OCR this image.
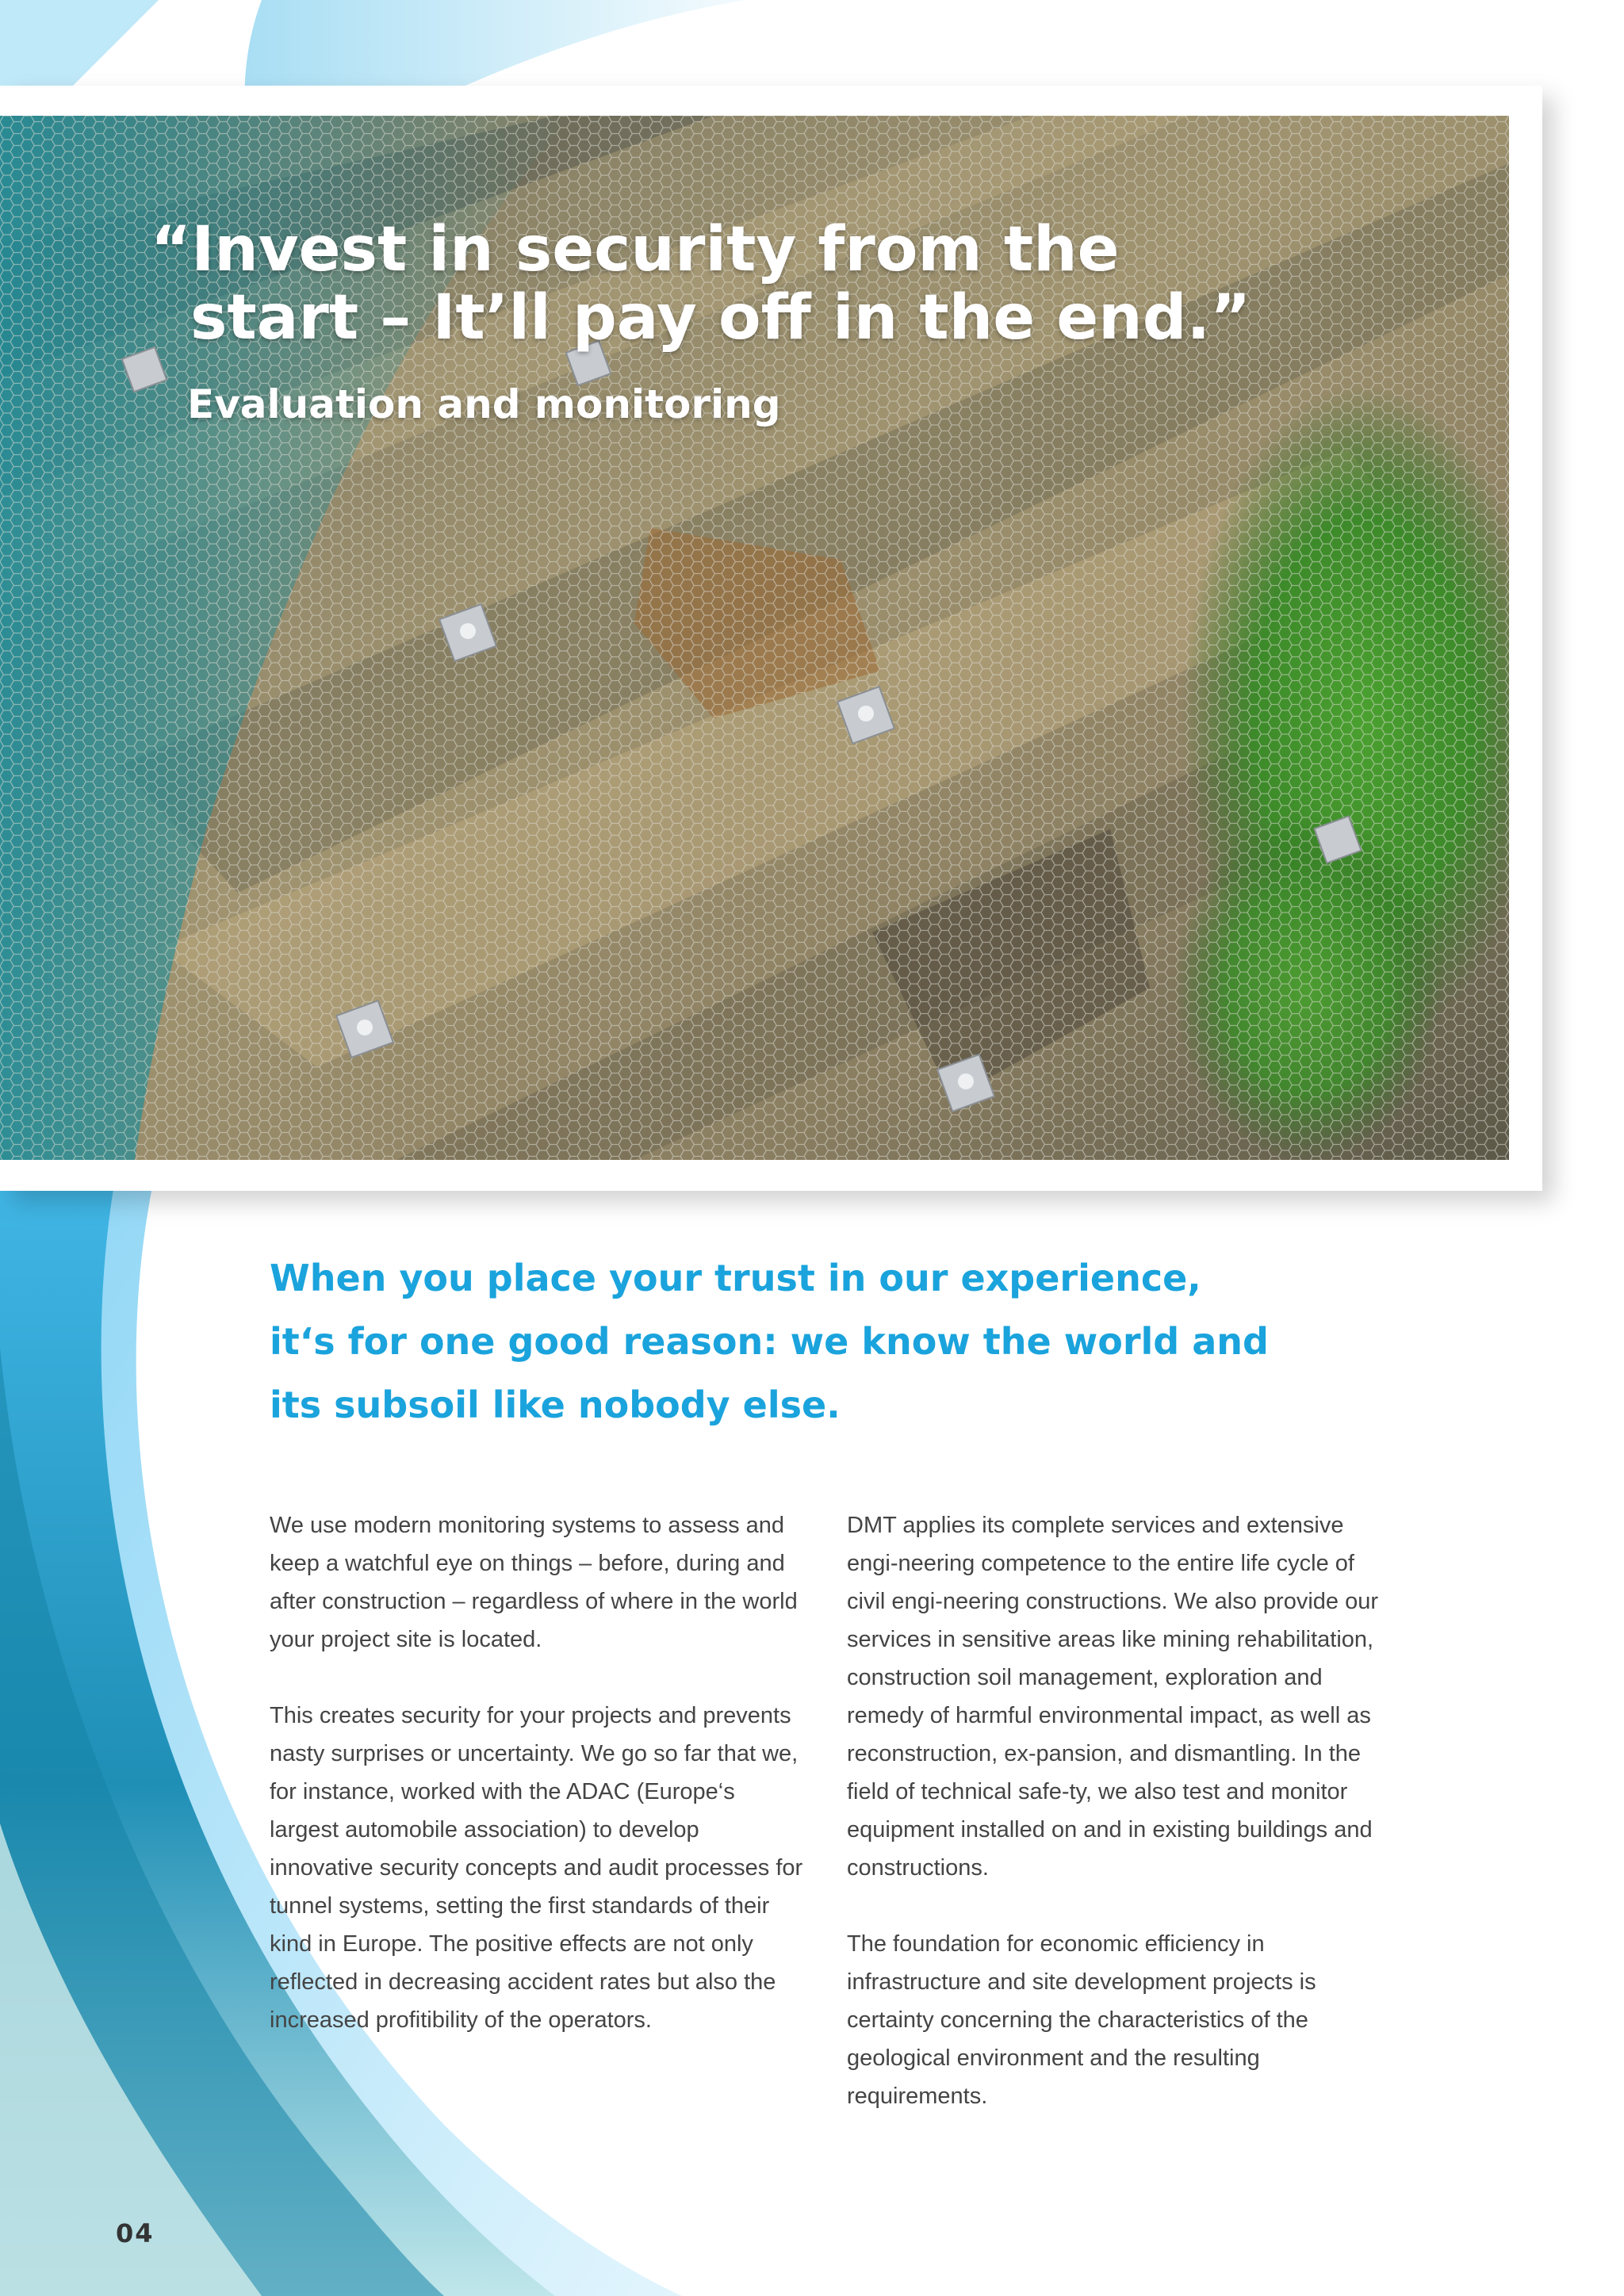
“Invest in security from the
start – It’ll pay off in the end.”
Evaluation and monitoring
When you place your trust in our experience,
it‘s for one good reason: we know the world and
its subsoil like nobody else.

We use modern monitoring systems to assess and keep a watchful eye on things – before, during and after construction – regardless of where in the world your project site is located.

This creates security for your projects and prevents nasty surprises or uncertainty. We go so far that we, for instance, worked with the ADAC (Europe‘s largest automobile association) to develop innovative security concepts and audit processes for tunnel systems, setting the first standards of their kind in Europe. The positive effects are not only reflected in decreasing accident rates but also the increased profitibility of the operators.

DMT applies its complete services and extensive engi-neering competence to the entire life cycle of civil engi-neering constructions. We also provide our services in sensitive areas like mining rehabilitation, construction soil management, exploration and remedy of harmful environmental impact, as well as reconstruction, ex-pansion, and dismantling. In the field of technical safe-ty, we also test and monitor equipment installed on and in existing buildings and constructions.

The foundation for economic efficiency in infrastructure and site development projects is certainty concerning the characteristics of the geological environment and the resulting requirements.

04
